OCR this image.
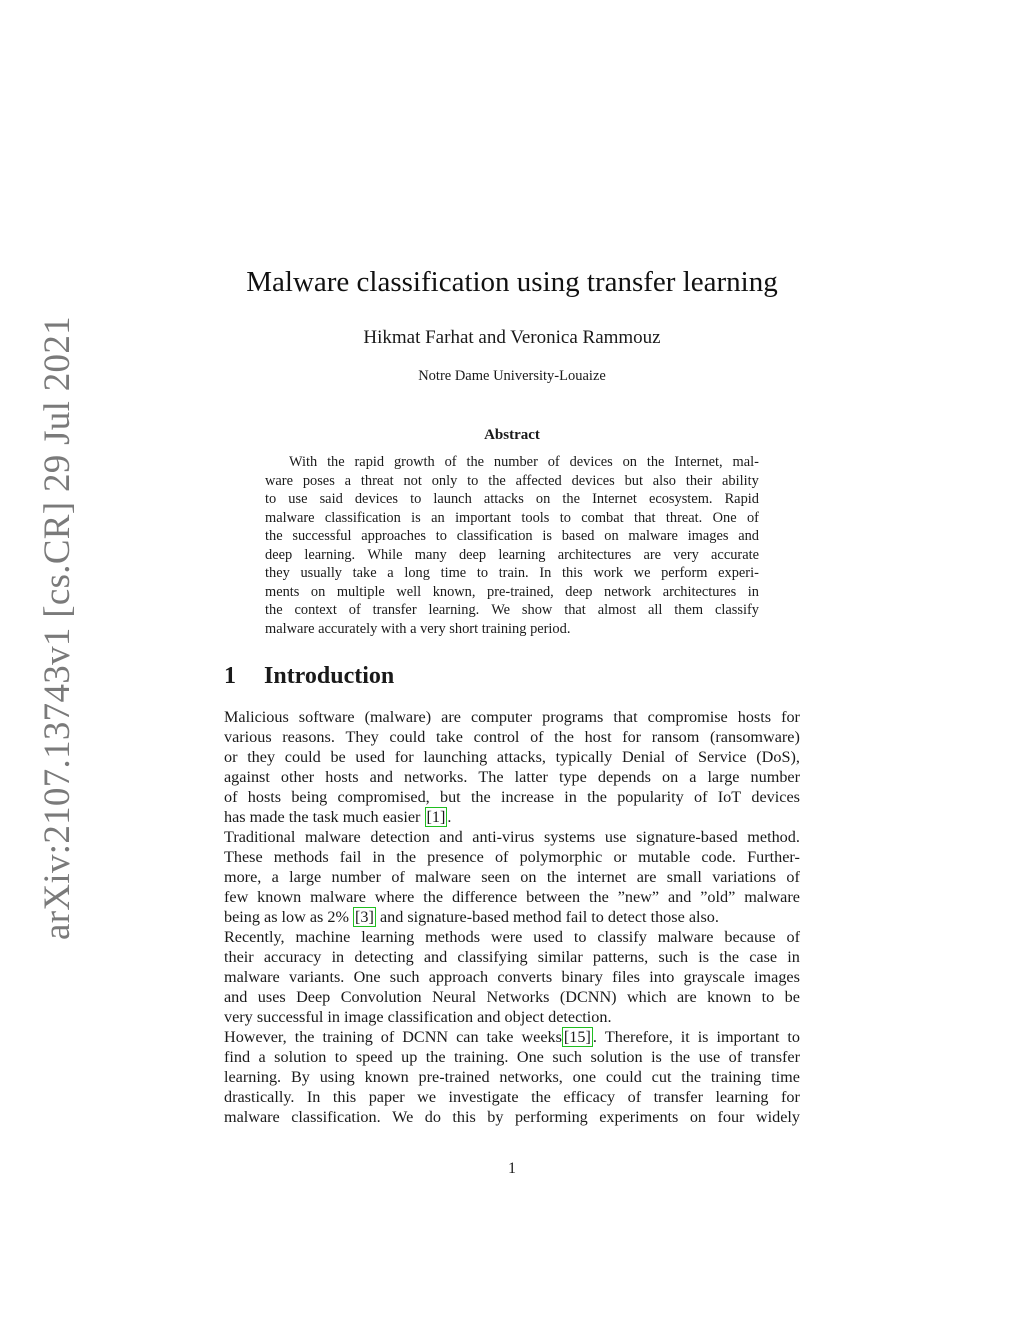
arXiv:2107.13743v1 [cs.CR] 29 Jul 2021
Malware classification using transfer learning
Hikmat Farhat and Veronica Rammouz
Notre Dame University-Louaize
Abstract
With the rapid growth of the number of devices on the Internet, mal-
ware poses a threat not only to the affected devices but also their ability
to use said devices to launch attacks on the Internet ecosystem. Rapid
malware classification is an important tools to combat that threat. One of
the successful approaches to classification is based on malware images and
deep learning. While many deep learning architectures are very accurate
they usually take a long time to train. In this work we perform experi-
ments on multiple well known, pre-trained, deep network architectures in
the context of transfer learning. We show that almost all them classify
malware
accurately
with
a
very
short
training
period.
1 Introduction
Malicious software (malware) are computer programs that compromise hosts for
various reasons. They could take control of the host for ransom (ransomware)
or they could be used for launching attacks, typically Denial of Service (DoS),
against other hosts and networks. The latter type depends on a large number
of hosts being compromised, but the increase in the popularity of IoT devices
has
made
the
task
much
easier
[1] .
Traditional malware detection and anti-virus systems use signature-based method.
These methods fail in the presence of polymorphic or mutable code. Further-
more, a large number of malware seen on the internet are small variations of
few known malware where the difference between the ”new” and ”old” malware
being
as
low
as
2%
[3]
and
signature-based
method
fail
to
detect
those
also.
Recently, machine learning methods were used to classify malware because of
their accuracy in detecting and classifying similar patterns, such is the case in
malware variants. One such approach converts binary files into grayscale images
and uses Deep Convolution Neural Networks (DCNN) which are known to be
very
successful
in
image
classification
and
object
detection.
However, the training of DCNN can take weeks [15] . Therefore, it is important to
find a solution to speed up the training. One such solution is the use of transfer
learning. By using known pre-trained networks, one could cut the training time
drastically. In this paper we investigate the efficacy of transfer learning for
malware classification. We do this by performing experiments on four widely
1
